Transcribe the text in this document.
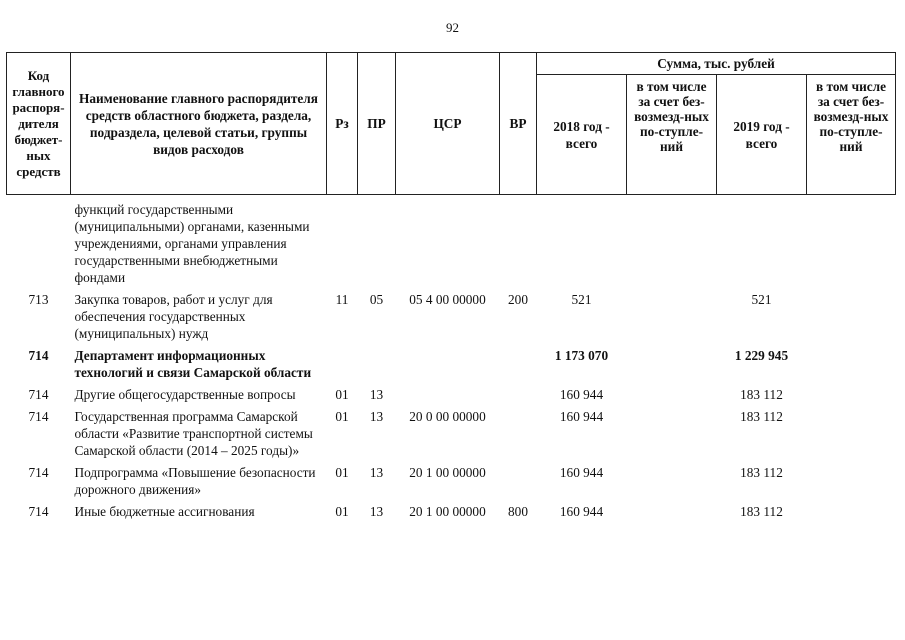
92
Код главного распоря-дителя бюджет-ных средств	Наименование главного распорядителя средств областного бюджета, раздела, подраздела, целевой статьи, группы видов расходов	Рз	ПР	ЦСР	ВР	Сумма, тыс. рублей			
						2018 год - всего	в том числе за счет без-возмезд-ных по-ступле-ний	2019 год - всего	в том числе за счет без-возмезд-ных по-ступле-ний
	функций государственными (муниципальными) органами, казенными учреждениями, органами управления государственными внебюджетными фондами								
713	Закупка товаров, работ и услуг для обеспечения государственных (муниципальных) нужд	11	05	05 4 00 00000	200	521		521	
714	Департамент информационных технологий и связи Самарской области					1 173 070		1 229 945	
714	Другие общегосударственные вопросы	01	13			160 944		183 112	
714	Государственная программа Самарской области «Развитие транспортной системы Самарской области (2014 – 2025 годы)»	01	13	20 0 00 00000		160 944		183 112	
714	Подпрограмма «Повышение безопасности дорожного движения»	01	13	20 1 00 00000		160 944		183 112	
714	Иные бюджетные ассигнования	01	13	20 1 00 00000	800	160 944		183 112	
